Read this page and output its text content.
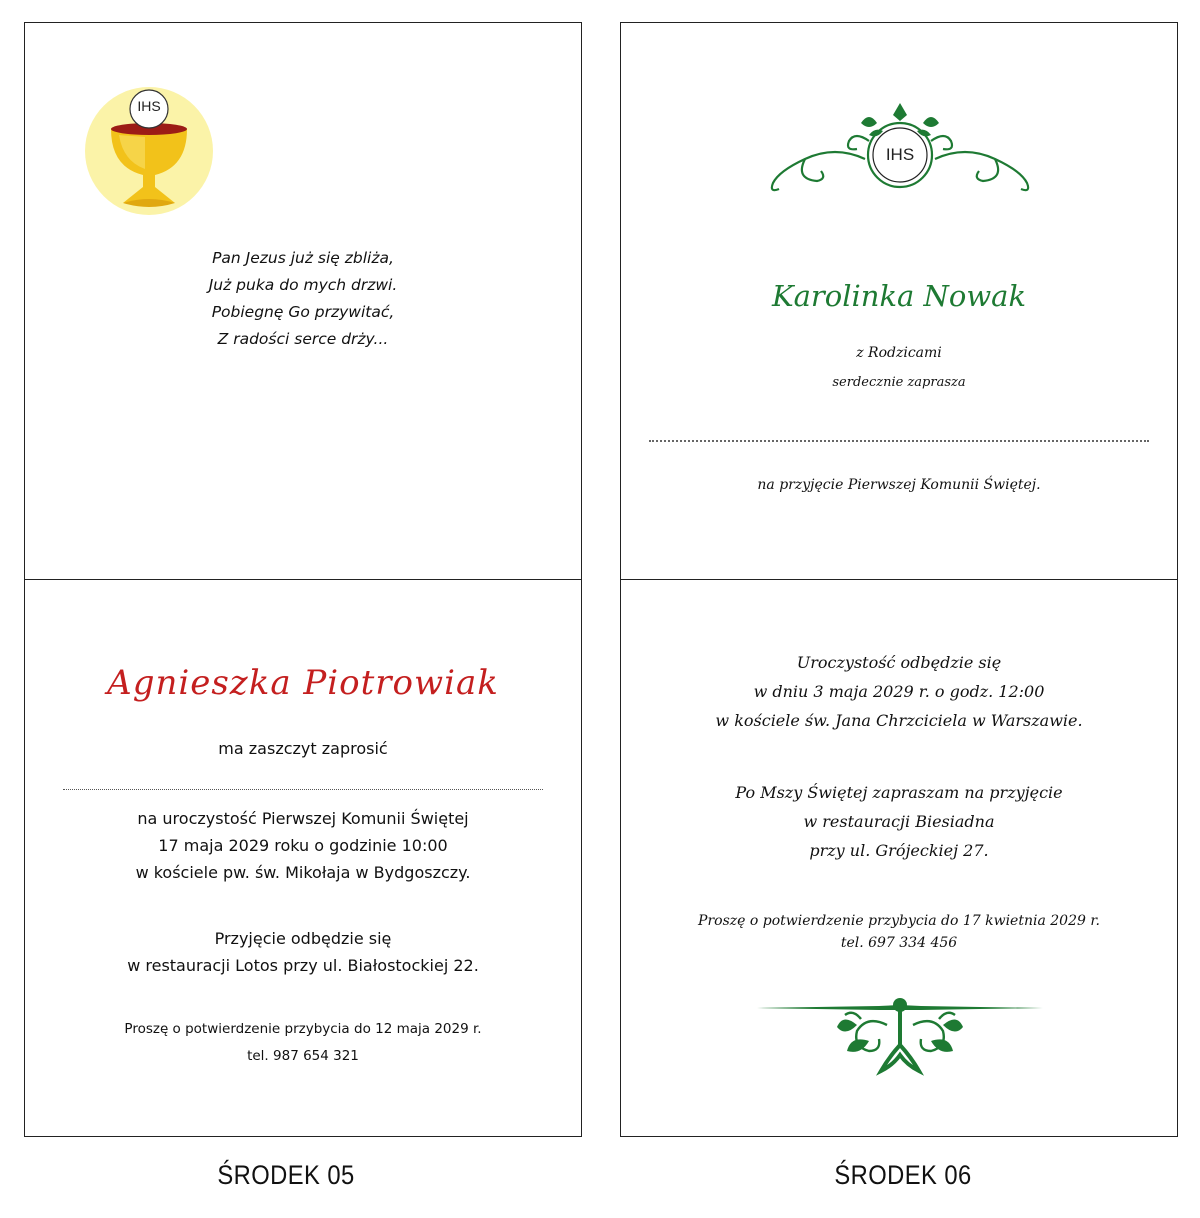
IHS
Pan Jezus już się zbliża,
Już puka do mych drzwi.
Pobiegnę Go przywitać,
Z radości serce drży...
Agnieszka Piotrowiak
ma zaszczyt zaprosić
na uroczystość Pierwszej Komunii Świętej
17 maja 2029 roku o godzinie 10:00
w kościele pw. św. Mikołaja w Bydgoszczy.
Przyjęcie odbędzie się
w restauracji Lotos przy ul. Białostockiej 22.
Proszę o potwierdzenie przybycia do 12 maja 2029 r.
tel. 987 654 321
IHS
Karolinka Nowak
z Rodzicami
serdecznie zaprasza
na przyjęcie Pierwszej Komunii Świętej.
Uroczystość odbędzie się
w dniu 3 maja 2029 r. o godz. 12:00
w kościele św. Jana Chrzciciela w Warszawie.
Po Mszy Świętej zapraszam na przyjęcie
w restauracji Biesiadna
przy ul. Grójeckiej 27.
Proszę o potwierdzenie przybycia do 17 kwietnia 2029 r.
tel. 697 334 456
ŚRODEK 05	ŚRODEK 06
